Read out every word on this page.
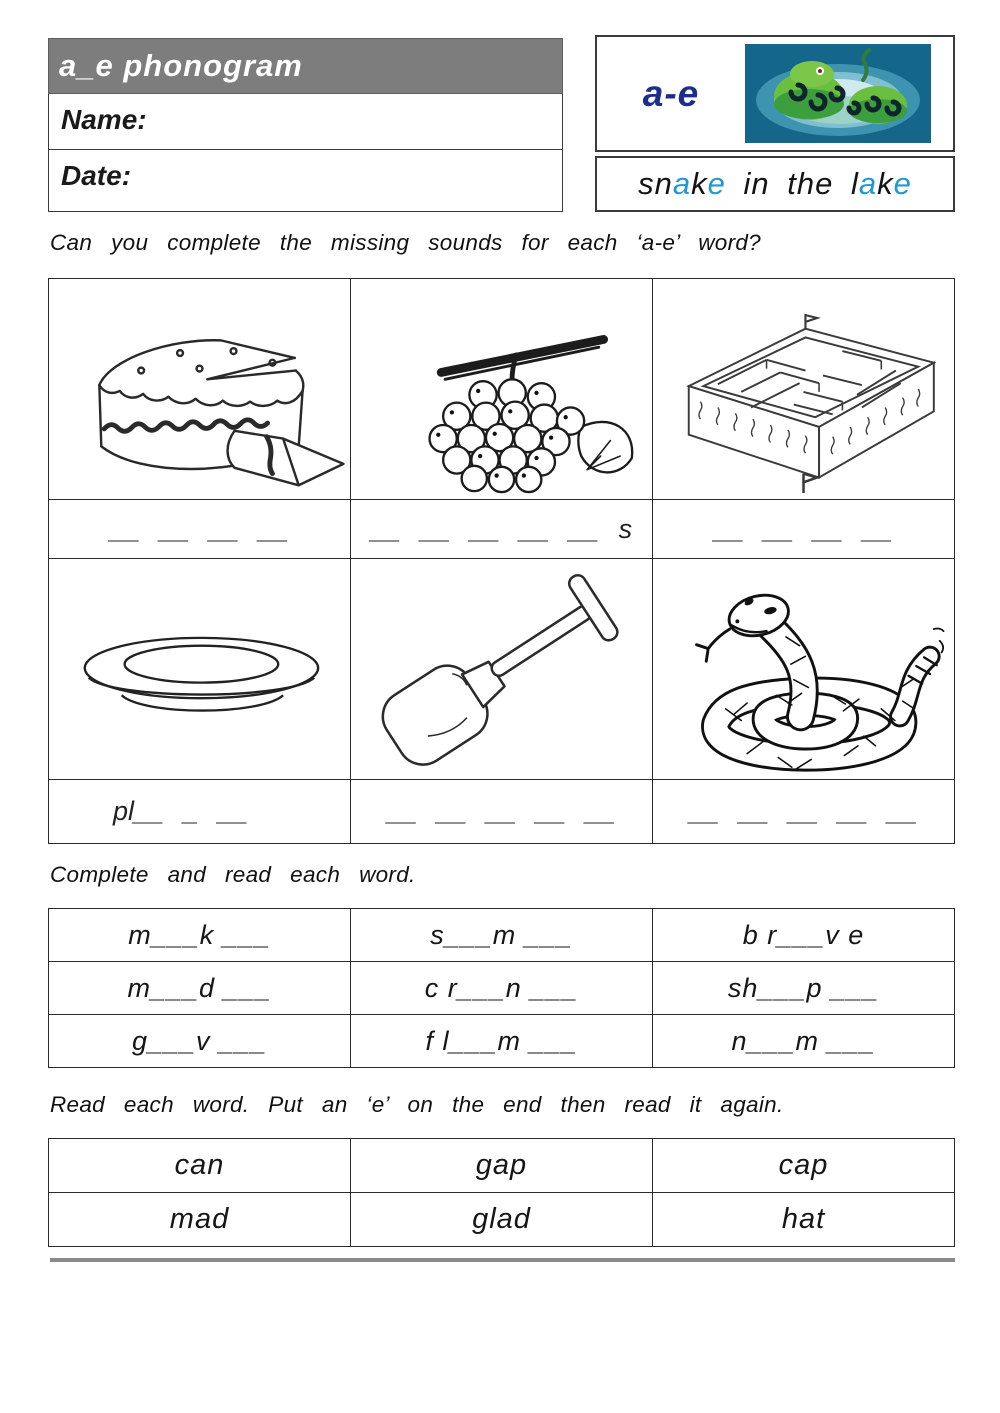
a_e phonogram
Name:
Date:
a-e
sn a k e in the l a k e

Can you complete the missing sounds for each ‘a-e’ word?

__ __ __ __	__ __ __ __ __ s	__ __ __ __

pl__ _ __	__ __ __ __ __	__ __ __ __ __

Complete and read each word.

m___k ___	s___m ___	b r___v e
m___d ___	c r___n ___	sh___p ___
g___v ___	f l___m ___	n___m ___

Read each word. Put an ‘e’ on the end then read it again.

can	gap	cap
mad	glad	hat
